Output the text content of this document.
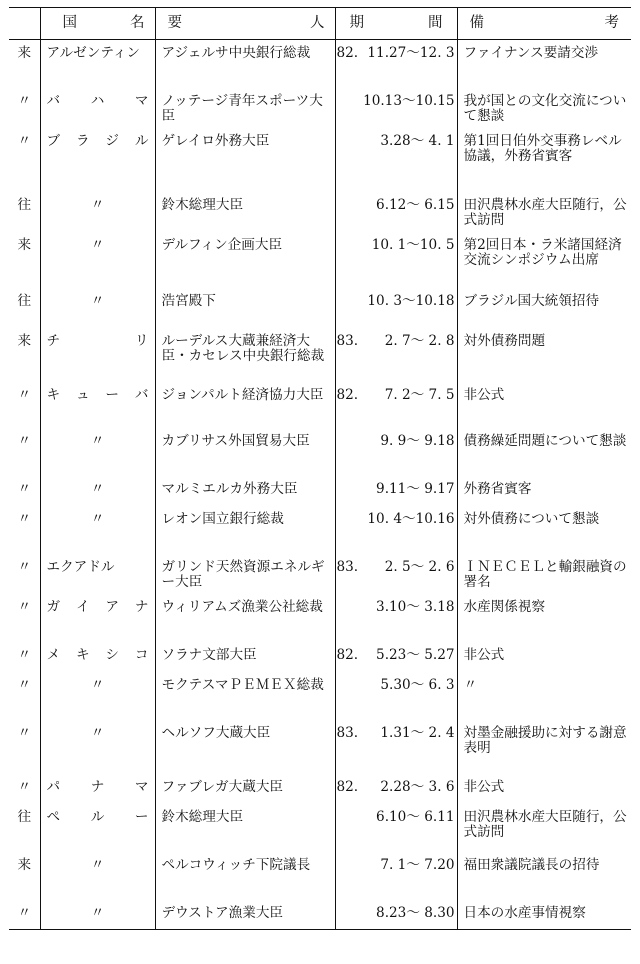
	国　名	要　人	期　間	備　考
来	アルゼンティン	アジェルサ中央銀行総裁	82. 11.27～12. 3	ファイナンス要請交渉
〃	バ　ハ　マ	ノッテージ青年スポーツ大臣	10.13～10.15	我が国との文化交流について懇談
〃	ブ ラ ジ ル	ゲレイロ外務大臣	3.28～ 4. 1	第1回日伯外交事務レベル協議，外務省賓客
往	〃	鈴木総理大臣	6.12～ 6.15	田沢農林水産大臣随行，公式訪問
来	〃	デルフィン企画大臣	10. 1～10. 5	第2回日本・ラ米諸国経済交流シンポジウム出席
往	〃	浩宮殿下	10. 3～10.18	ブラジル国大統領招待
来	チ　　リ	ルーデルス大蔵兼経済大臣・カセレス中央銀行総裁	83. 2. 7～ 2. 8	対外債務問題
〃	キ ュ ー バ	ジョンパルト経済協力大臣	82. 7. 2～ 7. 5	非公式
〃	〃	カブリサス外国貿易大臣	9. 9～ 9.18	債務繰延問題について懇談
〃	〃	マルミエルカ外務大臣	9.11～ 9.17	外務省賓客
〃	〃	レオン国立銀行総裁	10. 4～10.16	対外債務について懇談
〃	エクアドル	ガリンド天然資源エネルギー大臣	83. 2. 5～ 2. 6	ＩＮＥＣＥＬと輸銀融資の署名
〃	ガ イ ア ナ	ウィリアムズ漁業公社総裁	3.10～ 3.18	水産関係視察
〃	メ キ シ コ	ソラナ文部大臣	82. 5.23～ 5.27	非公式
〃	〃	モクテスマＰＥＭＥＸ総裁	5.30～ 6. 3	〃
〃	〃	ヘルソフ大蔵大臣	83. 1.31～ 2. 4	対墨金融援助に対する謝意表明
〃	パ　ナ　マ	ファブレガ大蔵大臣	82. 2.28～ 3. 6	非公式
往	ペ　ル　ー	鈴木総理大臣	6.10～ 6.11	田沢農林水産大臣随行，公式訪問
来	〃	ペルコウィッチ下院議長	7. 1～ 7.20	福田衆議院議長の招待
〃	〃	デウストア漁業大臣	8.23～ 8.30	日本の水産事情視察
